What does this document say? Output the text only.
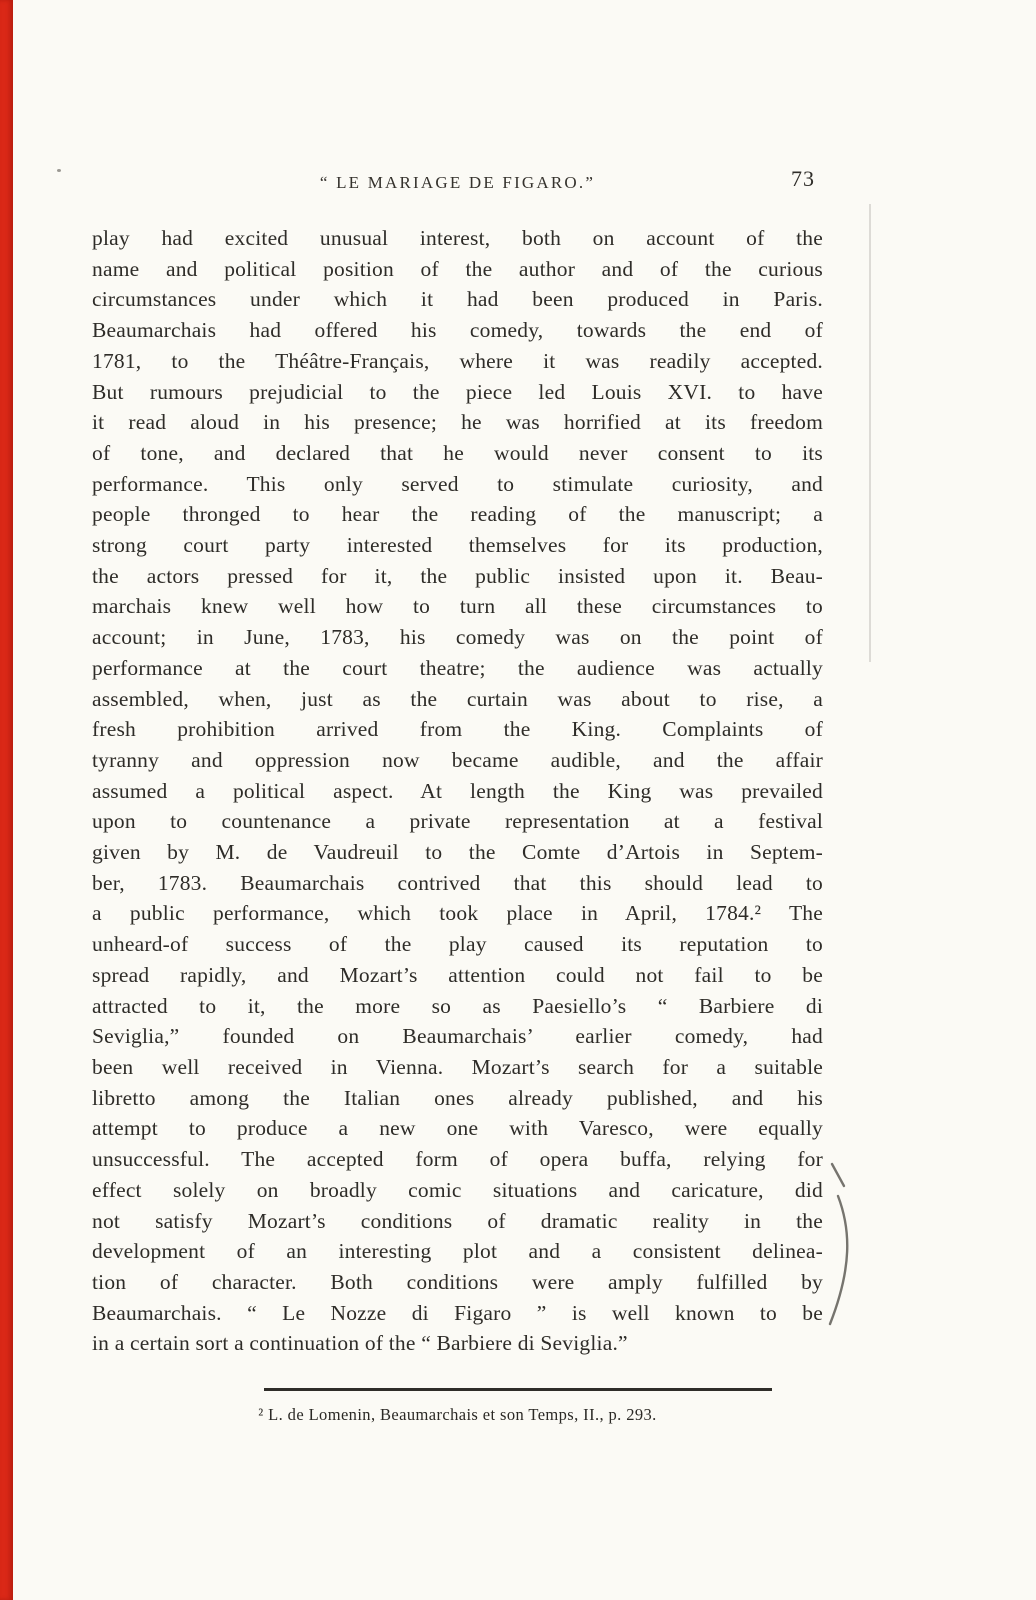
“ LE MARIAGE DE FIGARO.”	73
play had excited unusual interest, both on account of the
name and political position of the author and of the curious
circumstances under which it had been produced in Paris.
Beaumarchais had offered his comedy, towards the end of
1781, to the Théâtre-Français, where it was readily accepted.
But rumours prejudicial to the piece led Louis XVI. to have
it read aloud in his presence; he was horrified at its freedom
of tone, and declared that he would never consent to its
performance. This only served to stimulate curiosity, and
people thronged to hear the reading of the manuscript; a
strong court party interested themselves for its production,
the actors pressed for it, the public insisted upon it. Beau-
marchais knew well how to turn all these circumstances to
account; in June, 1783, his comedy was on the point of
performance at the court theatre; the audience was actually
assembled, when, just as the curtain was about to rise, a
fresh prohibition arrived from the King. Complaints of
tyranny and oppression now became audible, and the affair
assumed a political aspect. At length the King was prevailed
upon to countenance a private representation at a festival
given by M. de Vaudreuil to the Comte d’Artois in Septem-
ber, 1783. Beaumarchais contrived that this should lead to
a public performance, which took place in April, 1784.² The
unheard-of success of the play caused its reputation to
spread rapidly, and Mozart’s attention could not fail to be
attracted to it, the more so as Paesiello’s “ Barbiere di
Seviglia,” founded on Beaumarchais’ earlier comedy, had
been well received in Vienna. Mozart’s search for a suitable
libretto among the Italian ones already published, and his
attempt to produce a new one with Varesco, were equally
unsuccessful. The accepted form of opera buffa, relying for
effect solely on broadly comic situations and caricature, did
not satisfy Mozart’s conditions of dramatic reality in the
development of an interesting plot and a consistent delinea-
tion of character. Both conditions were amply fulfilled by
Beaumarchais. “ Le Nozze di Figaro ” is well known to be
in a certain sort a continuation of the “ Barbiere di Seviglia.”
² L. de Lomenin, Beaumarchais et son Temps, II., p. 293.
